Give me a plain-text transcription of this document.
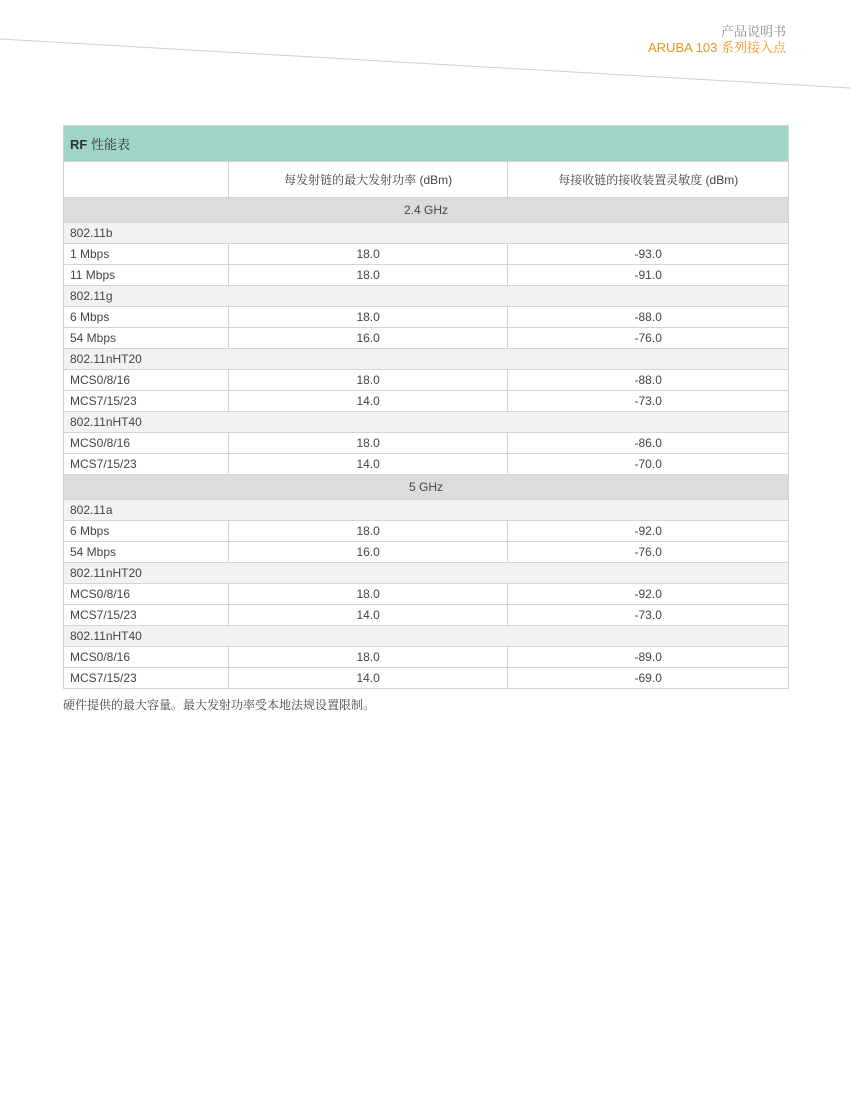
产品说明书
ARUBA 103 系列接入点
RF 性能表		
	每发射链的最大发射功率 (dBm)	每接收链的接收装置灵敏度 (dBm)
2.4 GHz		
802.11b		
1 Mbps	18.0	-93.0
11 Mbps	18.0	-91.0
802.11g		
6 Mbps	18.0	-88.0
54 Mbps	16.0	-76.0
802.11nHT20		
MCS0/8/16	18.0	-88.0
MCS7/15/23	14.0	-73.0
802.11nHT40		
MCS0/8/16	18.0	-86.0
MCS7/15/23	14.0	-70.0
5 GHz		
802.11a		
6 Mbps	18.0	-92.0
54 Mbps	16.0	-76.0
802.11nHT20		
MCS0/8/16	18.0	-92.0
MCS7/15/23	14.0	-73.0
802.11nHT40		
MCS0/8/16	18.0	-89.0
MCS7/15/23	14.0	-69.0
硬件提供的最大容量。最大发射功率受本地法规设置限制。
